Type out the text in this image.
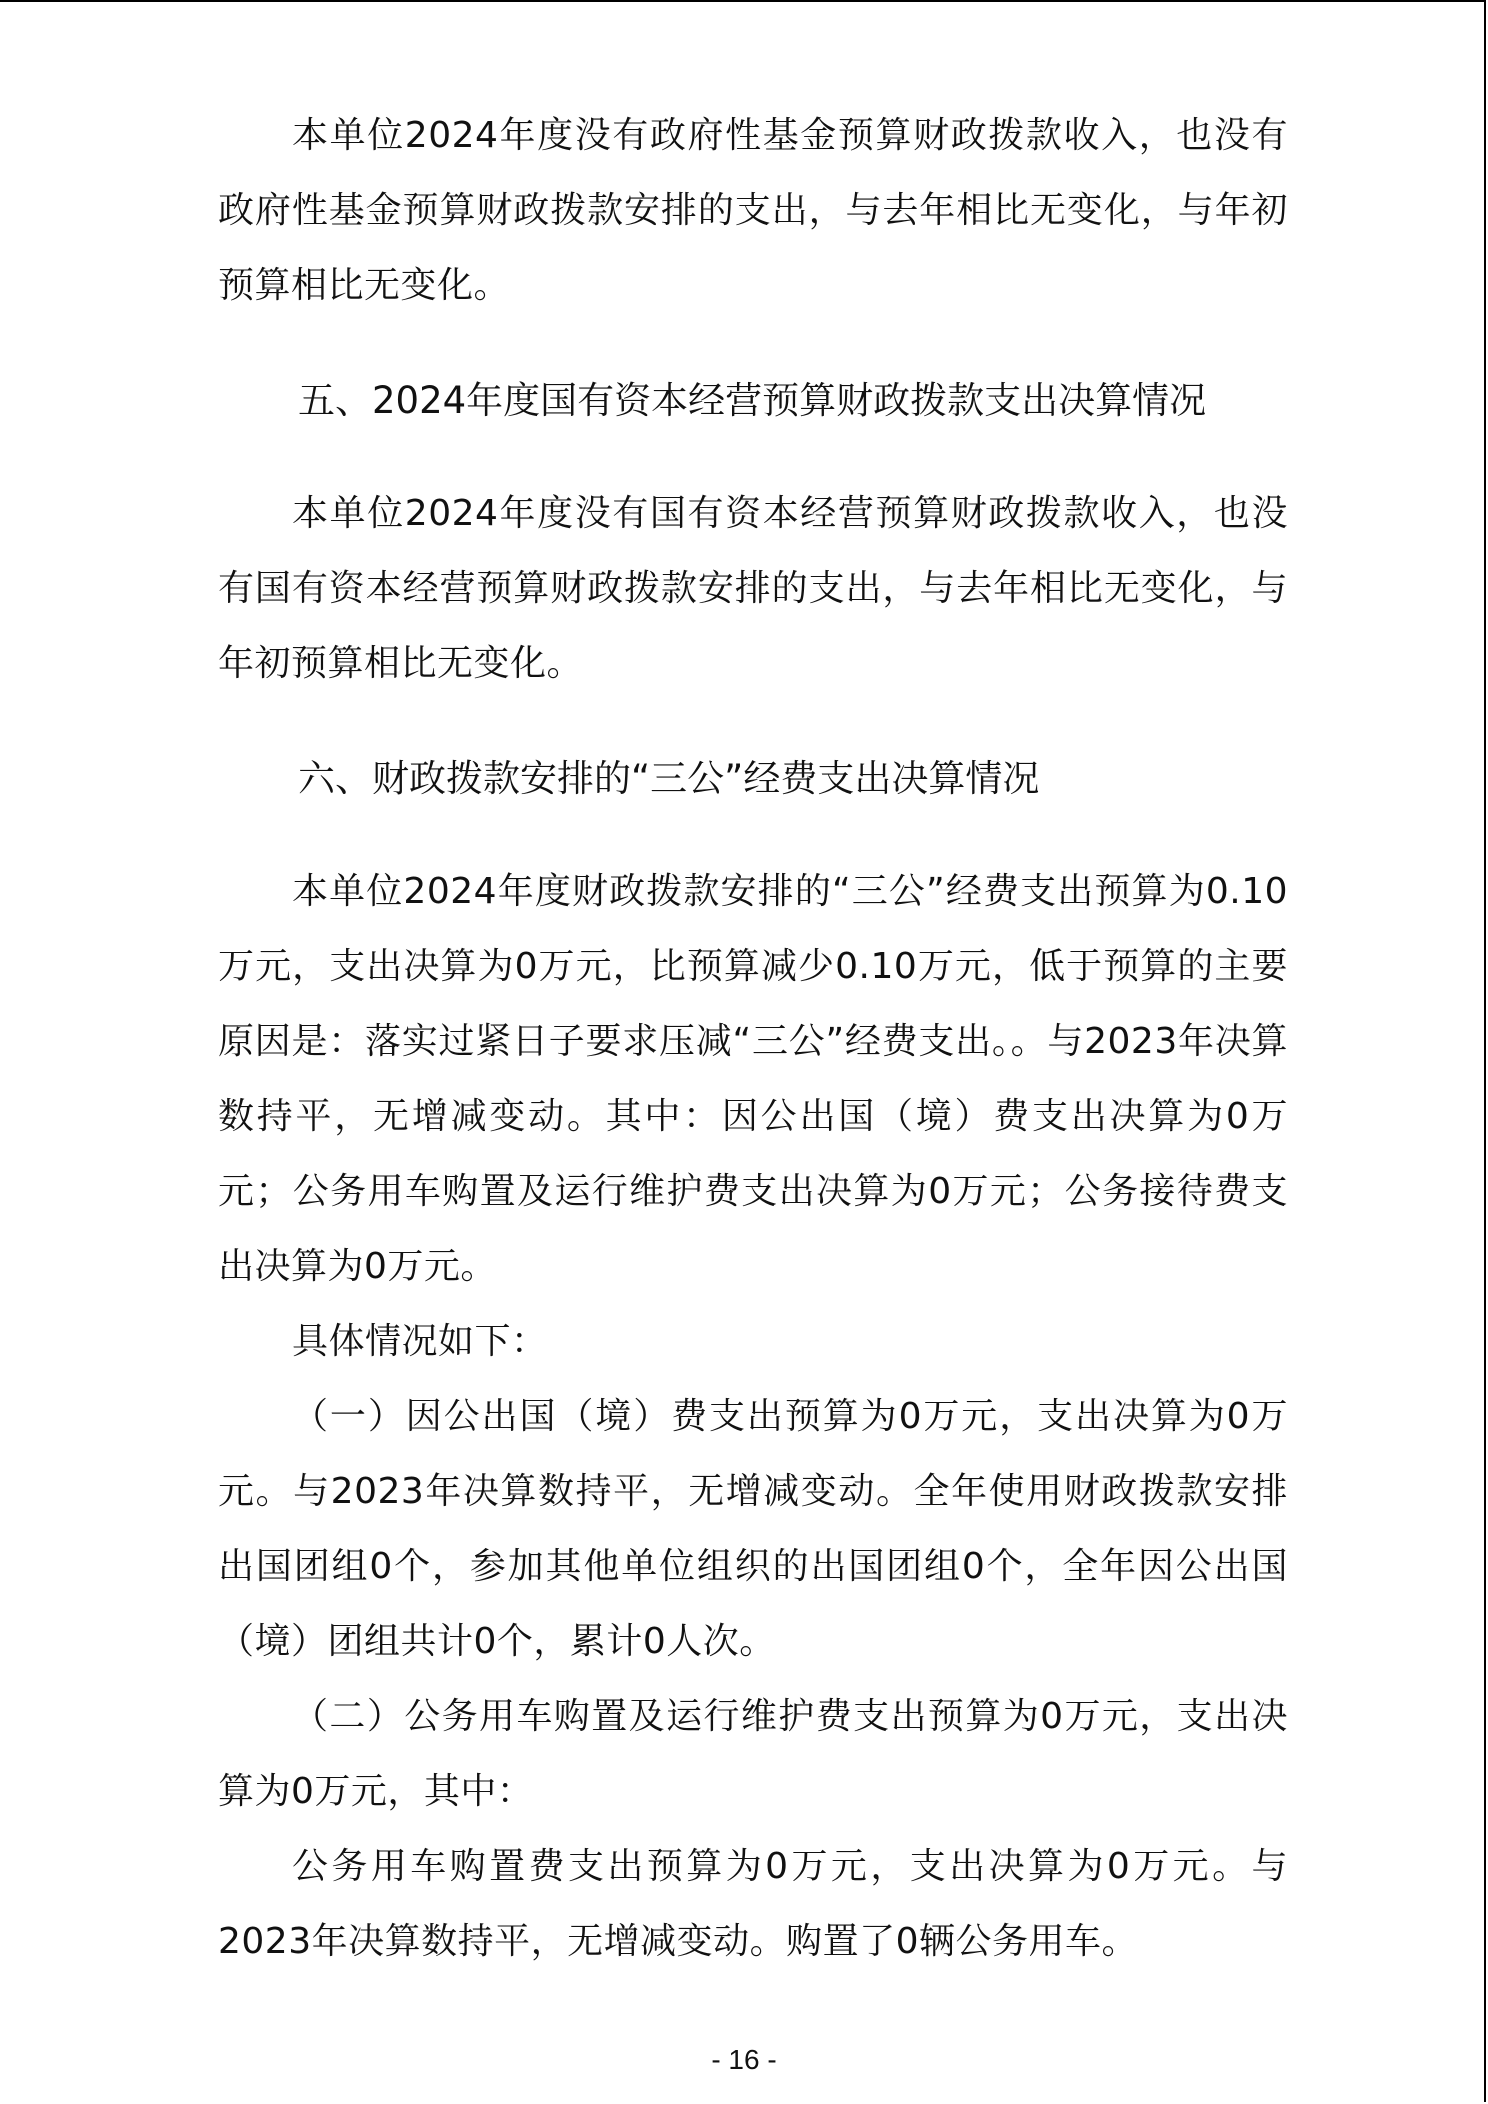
本单位2024年度没有政府性基金预算财政拨款收入，也没有政府性基金预算财政拨款安排的支出，与去年相比无变化，与年初预算相比无变化。

五、2024年度国有资本经营预算财政拨款支出决算情况

本单位2024年度没有国有资本经营预算财政拨款收入，也没有国有资本经营预算财政拨款安排的支出，与去年相比无变化，与年初预算相比无变化。

六、财政拨款安排的“三公”经费支出决算情况

本单位2024年度财政拨款安排的“三公”经费支出预算为0.10万元，支出决算为0万元，比预算减少0.10万元，低于预算的主要原因是：落实过紧日子要求压减“三公”经费支出。。与2023年决算数持平，无增减变动。其中：因公出国（境）费支出决算为0万元；公务用车购置及运行维护费支出决算为0万元；公务接待费支出决算为0万元。

具体情况如下：

（一）因公出国（境）费支出预算为0万元，支出决算为0万元。与2023年决算数持平，无增减变动。全年使用财政拨款安排出国团组0个，参加其他单位组织的出国团组0个，全年因公出国（境）团组共计0个，累计0人次。

（二）公务用车购置及运行维护费支出预算为0万元，支出决算为0万元，其中：

公务用车购置费支出预算为0万元，支出决算为0万元。与2023年决算数持平，无增减变动。购置了0辆公务用车。

- 16 -
